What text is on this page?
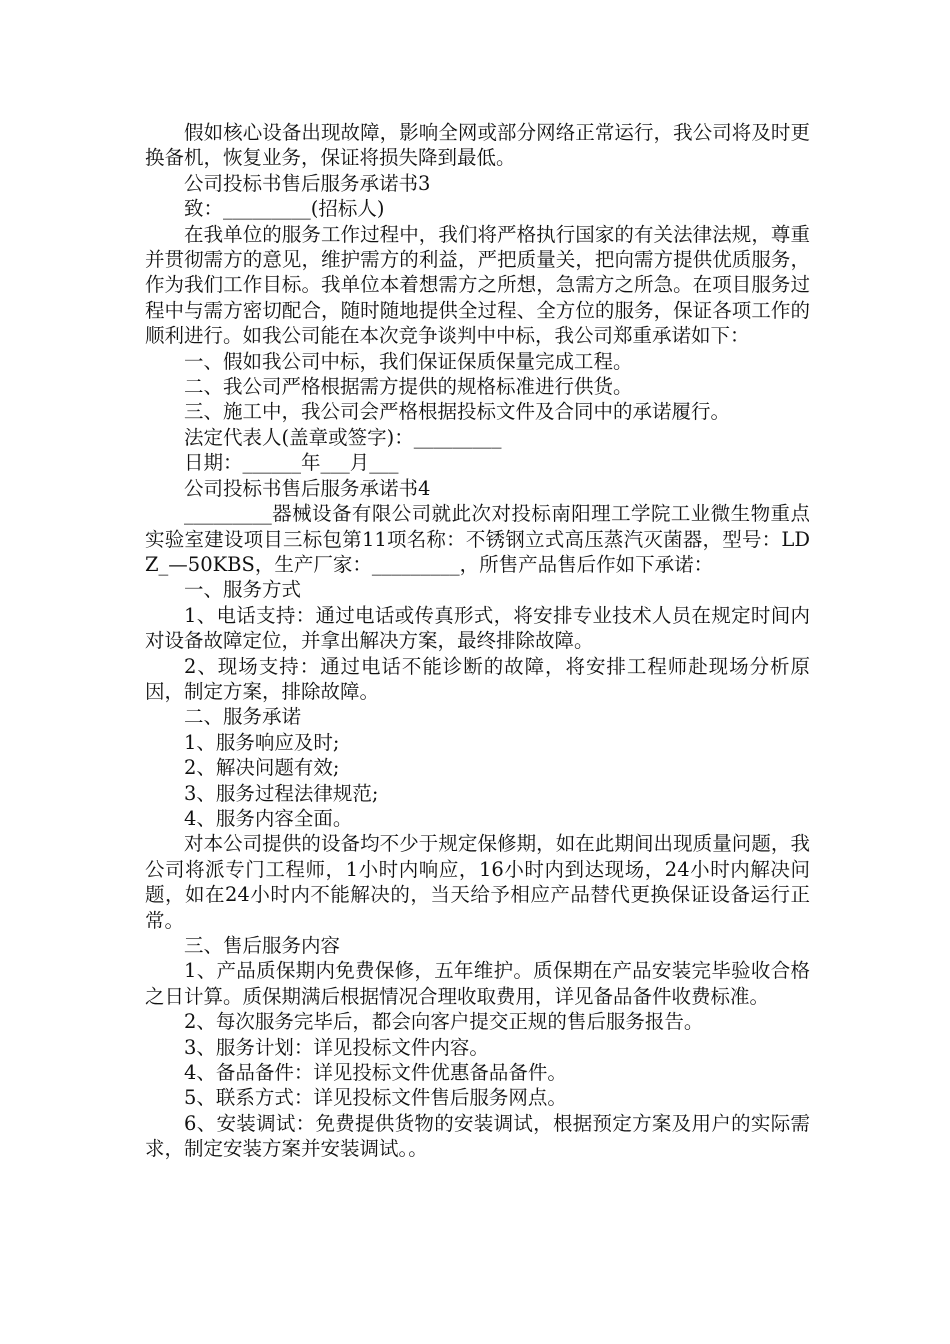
假如核心设备出现故障，影响全网或部分网络正常运行，我公司将及时更换备机，恢复业务，保证将损失降到最低。

公司投标书售后服务承诺书3

致：_________(招标人)

在我单位的服务工作过程中，我们将严格执行国家的有关法律法规，尊重并贯彻需方的意见，维护需方的利益，严把质量关，把向需方提供优质服务，作为我们工作目标。我单位本着想需方之所想，急需方之所急。在项目服务过程中与需方密切配合，随时随地提供全过程、全方位的服务，保证各项工作的顺利进行。如我公司能在本次竞争谈判中中标，我公司郑重承诺如下：

一、假如我公司中标，我们保证保质保量完成工程。

二、我公司严格根据需方提供的规格标准进行供货。

三、施工中，我公司会严格根据投标文件及合同中的承诺履行。

法定代表人(盖章或签字)：_________

日期：______年___月___

公司投标书售后服务承诺书4

_________器械设备有限公司就此次对投标南阳理工学院工业微生物重点实验室建设项目三标包第11项名称：不锈钢立式高压蒸汽灭菌器，型号：LDZ_—50KBS，生产厂家：_________，所售产品售后作如下承诺：

一、服务方式

1、电话支持：通过电话或传真形式，将安排专业技术人员在规定时间内对设备故障定位，并拿出解决方案，最终排除故障。

2、现场支持：通过电话不能诊断的故障，将安排工程师赴现场分析原因，制定方案，排除故障。

二、服务承诺

1、服务响应及时;

2、解决问题有效;

3、服务过程法律规范;

4、服务内容全面。

对本公司提供的设备均不少于规定保修期，如在此期间出现质量问题，我公司将派专门工程师，1小时内响应，16小时内到达现场，24小时内解决问题，如在24小时内不能解决的，当天给予相应产品替代更换保证设备运行正常。

三、售后服务内容

1、产品质保期内免费保修，五年维护。质保期在产品安装完毕验收合格之日计算。质保期满后根据情况合理收取费用，详见备品备件收费标准。

2、每次服务完毕后，都会向客户提交正规的售后服务报告。

3、服务计划：详见投标文件内容。

4、备品备件：详见投标文件优惠备品备件。

5、联系方式：详见投标文件售后服务网点。

6、安装调试：免费提供货物的安装调试，根据预定方案及用户的实际需求，制定安装方案并安装调试。。
